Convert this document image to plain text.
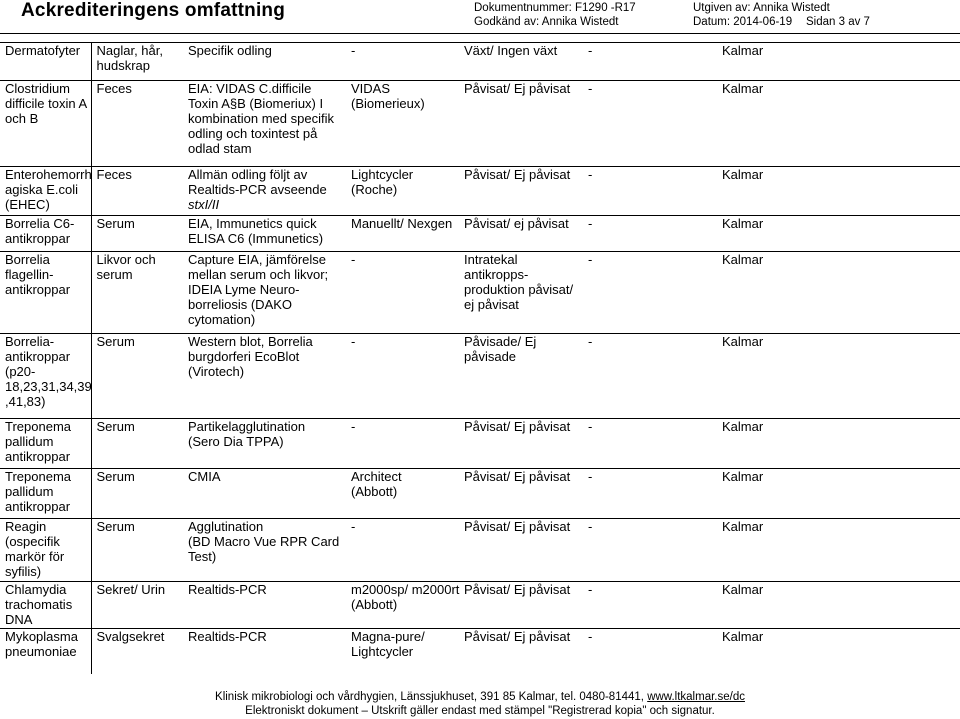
Ackrediteringens omfattning	Dokumentnummer: F1290 -R17
Godkänd av: Annika Wistedt
Utgiven av: Annika Wistedt
Datum: 2014-06-19 Sidan 3 av 7
Dermatofyter	Naglar, hår,
hudskrap	Specifik odling	-	Växt/ Ingen växt	-	Kalmar

Clostridium
difficile toxin A
och B	Feces	EIA: VIDAS C.difficile
Toxin A§B (Biomeriux) I
kombination med specifik
odling och toxintest på
odlad stam	VIDAS
(Biomerieux)	Påvisat/ Ej påvisat	-	Kalmar

Enterohemorrh
agiska E.coli
(EHEC)	Feces	Allmän odling följt av
Realtids-PCR avseende
stxI/II	Lightcycler
(Roche)	Påvisat/ Ej påvisat	-	Kalmar

Borrelia C6-
antikroppar	Serum	EIA, Immunetics quick
ELISA C6 (Immunetics)	Manuellt/ Nexgen	Påvisat/ ej påvisat	-	Kalmar

Borrelia
flagellin-
antikroppar	Likvor och
serum	Capture EIA, jämförelse
mellan serum och likvor;
IDEIA Lyme Neuro-
borreliosis (DAKO
cytomation)	-	Intratekal
antikropps-
produktion påvisat/
ej påvisat	-	Kalmar

Borrelia-
antikroppar
(p20-
18,23,31,34,39
,41,83)	Serum	Western blot, Borrelia
burgdorferi EcoBlot
(Virotech)	-	Påvisade/ Ej
påvisade	-	Kalmar

Treponema
pallidum
antikroppar	Serum	Partikelagglutination
(Sero Dia TPPA)	-	Påvisat/ Ej påvisat	-	Kalmar

Treponema
pallidum
antikroppar	Serum	CMIA	Architect
(Abbott)	Påvisat/ Ej påvisat	-	Kalmar

Reagin
(ospecifik
markör för
syfilis)	Serum	Agglutination
(BD Macro Vue RPR Card
Test)	-	Påvisat/ Ej påvisat	-	Kalmar

Chlamydia
trachomatis
DNA	Sekret/ Urin	Realtids-PCR	m2000sp/ m2000rt
(Abbott)	Påvisat/ Ej påvisat	-	Kalmar

Mykoplasma
pneumoniae	Svalgsekret	Realtids-PCR	Magna-pure/
Lightcycler	Påvisat/ Ej påvisat	-	Kalmar
Klinisk mikrobiologi och vårdhygien, Länssjukhuset, 391 85 Kalmar, tel. 0480-81441, www.ltkalmar.se/dc
Elektroniskt dokument – Utskrift gäller endast med stämpel "Registrerad kopia" och signatur.
